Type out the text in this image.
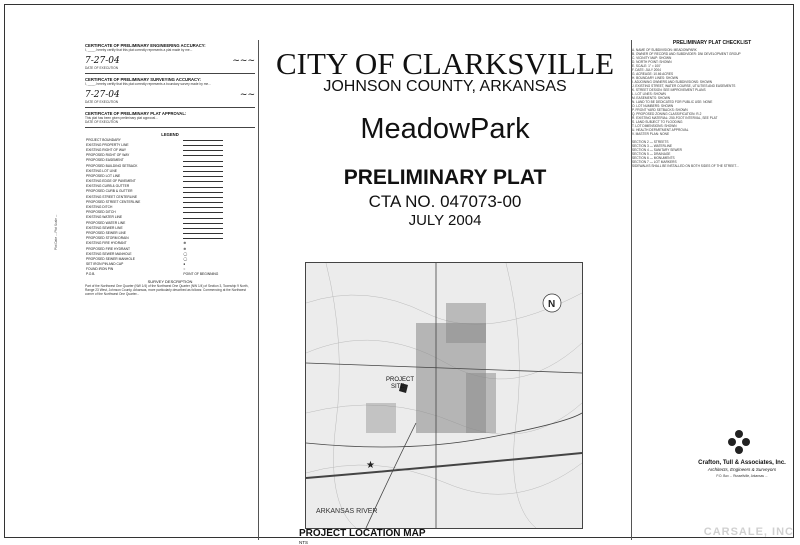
Plot Date ... Plot Scale ...
CERTIFICATE OF PRELIMINARY ENGINEERING ACCURACY:
I, ____, hereby certify that this plat correctly represents a plat made by me...
7-27-04	~~~
DATE OF EXECUTION
CERTIFICATE OF PRELIMINARY SURVEYING ACCURACY:
I, ____, hereby certify that this plat correctly represents a boundary survey made by me...
7-27-04	~~
DATE OF EXECUTION
CERTIFICATE OF PRELIMINARY PLAT APPROVAL:
This plat has been given preliminary plat approval...
DATE OF EXECUTION
LEGEND
PROJECT BOUNDARY	

EXISTING PROPERTY LINE	

EXISTING RIGHT OF WAY	

PROPOSED RIGHT OF WAY	

PROPOSED EASEMENT	

PROPOSED BUILDING SETBACK	

EXISTING LOT LINE	

PROPOSED LOT LINE	

EXISTING EDGE OF PAVEMENT	

EXISTING CURB & GUTTER	

PROPOSED CURB & GUTTER	

EXISTING STREET CENTERLINE	

PROPOSED STREET CENTERLINE	

EXISTING DITCH	

PROPOSED DITCH	

EXISTING WATER LINE	

PROPOSED WATER LINE	

EXISTING SEWER LINE	

PROPOSED SEWER LINE	

PROPOSED STORM DRAIN	

EXISTING FIRE HYDRANT	⊕
PROPOSED FIRE HYDRANT	⊕
EXISTING SEWER MANHOLE	◯
PROPOSED SEWER MANHOLE	◯
SET IRON PIN AND CAP	●
FOUND IRON PIN	○
P.O.B.	POINT OF BEGINNING
SURVEY DESCRIPTION
Part of the Northwest One Quarter (NW 1/4) of the Northwest One Quarter (NW 1/4) of Section 3, Township 9 North, Range 23 West, Johnson County, Arkansas, more particularly described as follows: Commencing at the Northwest corner of the Northwest One Quarter...
CITY OF CLARKSVILLE
JOHNSON COUNTY, ARKANSAS
MeadowPark
PRELIMINARY PLAT
CTA NO. 047073-00
JULY 2004
PROJECT
SITE
★
N
ARKANSAS RIVER
PROJECT LOCATION MAP
NTS
PRELIMINARY PLAT CHECKLIST
A. NAME OF SUBDIVISION: MEADOWPARK
B. OWNER OF RECORD AND SUBDIVIDER: DNI DEVELOPMENT GROUP
C. VICINITY MAP: SHOWN
D. NORTH POINT: SHOWN
E. SCALE: 1" = 100'
F. DATE: JULY 2004
G. ACREAGE: 10.66 ACRES
H. BOUNDARY LINES: SHOWN
I. ADJOINING OWNERS AND SUBDIVISIONS: SHOWN
J. EXISTING STREET, WATER COURSE, UTILITIES AND EASEMENTS
K. STREET DESIGN: SEE IMPROVEMENT PLANS
L. LOT LINES: SHOWN
M. EASEMENTS: SHOWN
N. LAND TO BE DEDICATED FOR PUBLIC USE: NONE
O. LOT NUMBERS: SHOWN
P. FRONT YARD SETBACKS: SHOWN
Q. PROPOSED ZONING CLASSIFICATION: R-2
R. EXISTING MATERIAL: 250-FOOT INTERVAL, SEE PLAT
S. LAND SUBJECT TO FLOODING
T. LOT DIMENSIONS: SHOWN
U. HEALTH DEPARTMENT APPROVAL
V. MASTER PLAN: NONE

SECTION 2 — STREETS
SECTION 3 — WATERLINE
SECTION 4 — SANITARY SEWER
SECTION 5 — DRAINAGE
SECTION 6 — MONUMENTS
SECTION 7 — LOT MARKERS
SIDEWALKS SHALL BE INSTALLED ON BOTH SIDES OF THE STREET...
Crafton, Tull & Associates, Inc.
Architects, Engineers & Surveyors
P.O. Box ... Russellville, Arkansas ...
CARSALE, INC
